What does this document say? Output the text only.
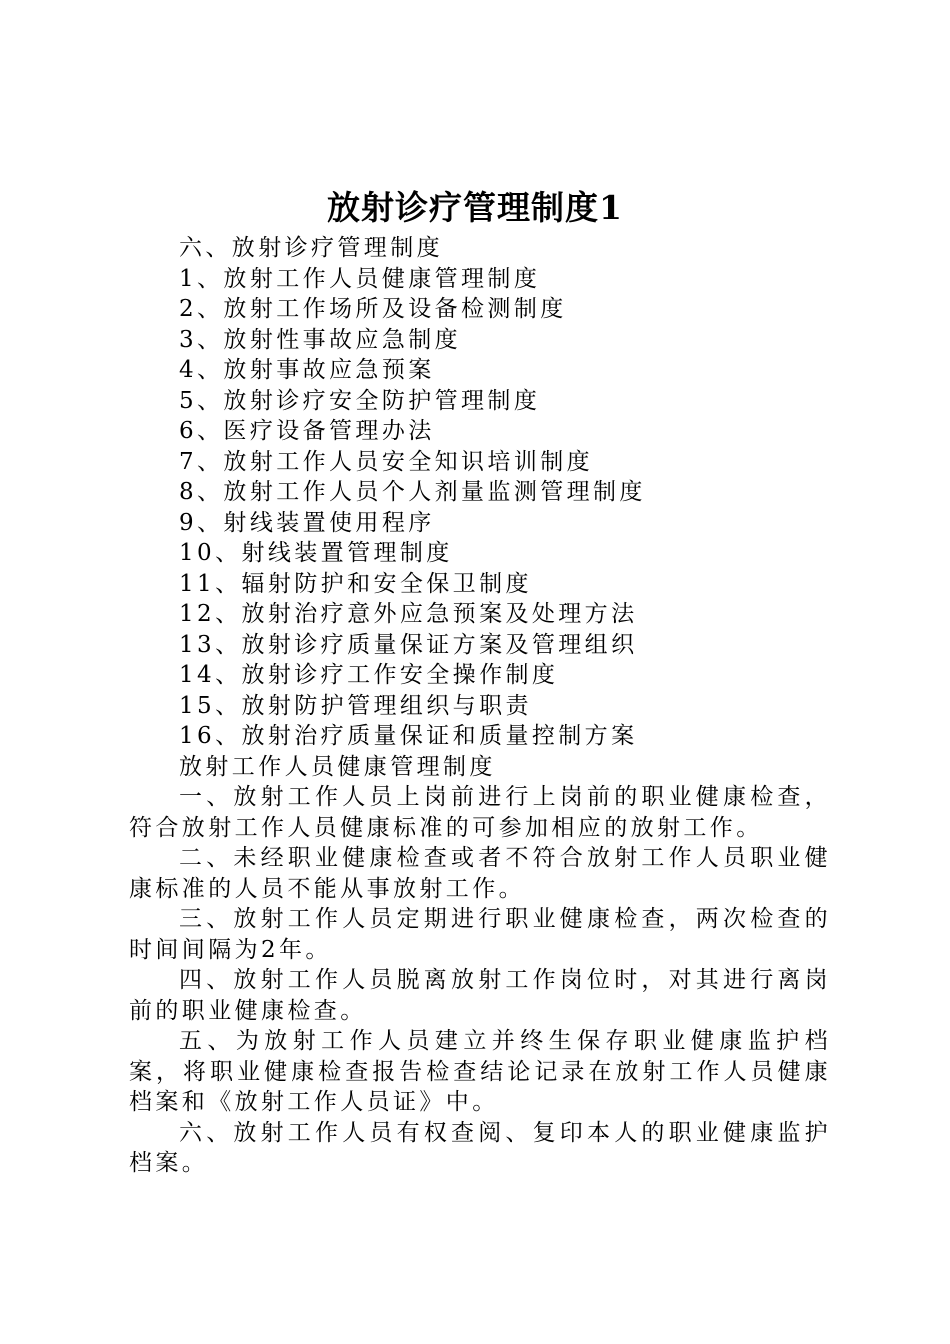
放射诊疗管理制度1
六、放射诊疗管理制度
1、放射工作人员健康管理制度
2、放射工作场所及设备检测制度
3、放射性事故应急制度
4、放射事故应急预案
5、放射诊疗安全防护管理制度
6、医疗设备管理办法
7、放射工作人员安全知识培训制度
8、放射工作人员个人剂量监测管理制度
9、射线装置使用程序
10、射线装置管理制度
11、辐射防护和安全保卫制度
12、放射治疗意外应急预案及处理方法
13、放射诊疗质量保证方案及管理组织
14、放射诊疗工作安全操作制度
15、放射防护管理组织与职责
16、放射治疗质量保证和质量控制方案
放射工作人员健康管理制度
一、放射工作人员上岗前进行上岗前的职业健康检查，符合放射工作人员健康标准的可参加相应的放射工作。
二、未经职业健康检查或者不符合放射工作人员职业健康标准的人员不能从事放射工作。
三、放射工作人员定期进行职业健康检查，两次检查的时间间隔为2年。
四、放射工作人员脱离放射工作岗位时，对其进行离岗前的职业健康检查。
五、为放射工作人员建立并终生保存职业健康监护档案，将职业健康检查报告检查结论记录在放射工作人员健康档案和《放射工作人员证》中。
六、放射工作人员有权查阅、复印本人的职业健康监护档案。
